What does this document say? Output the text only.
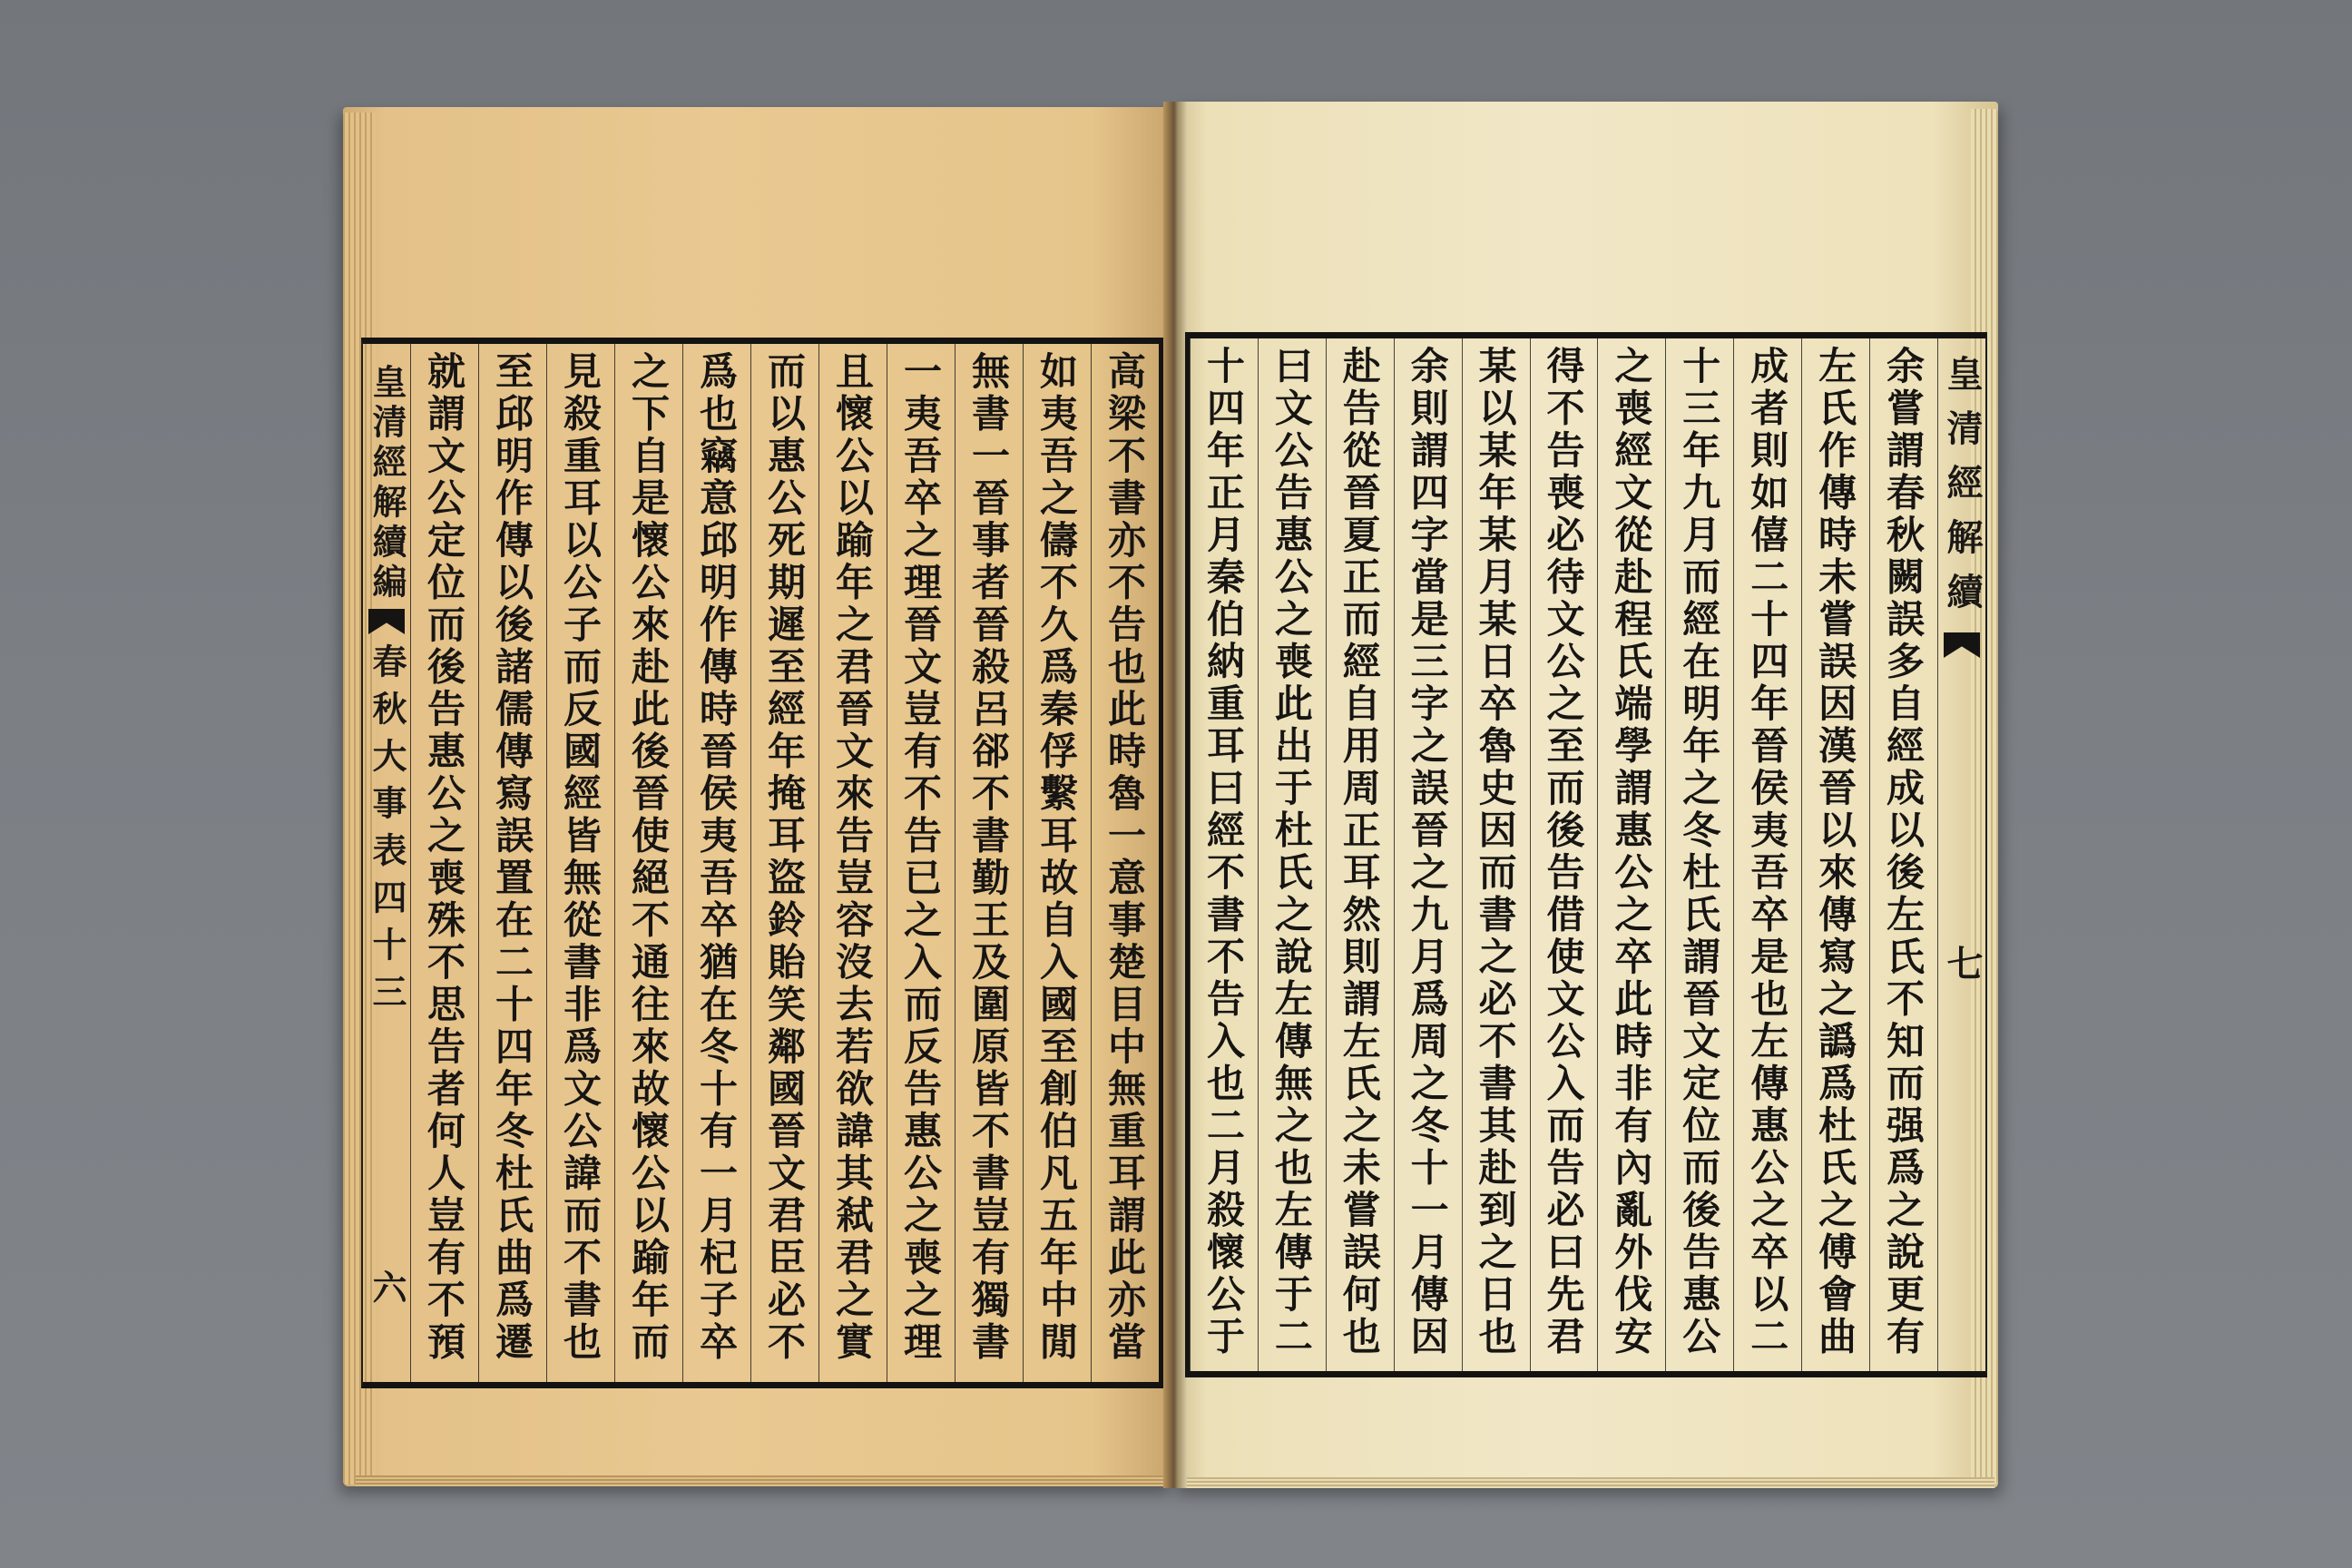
皇清經解續
七
余嘗謂春秋闕誤多自經成以後左氏不知而强爲之說更有
左氏作傳時未嘗誤因漢晉以來傳寫之譌爲杜氏之傅會曲
成者則如僖二十四年晉侯夷吾卒是也左傳惠公之卒以二
十三年九月而經在明年之冬杜氏謂晉文定位而後告惠公
之喪經文從赴程氏端學謂惠公之卒此時非有內亂外伐安
得不告喪必待文公之至而後告借使文公入而告必曰先君
某以某年某月某日卒魯史因而書之必不書其赴到之日也
余則謂四字當是三字之誤晉之九月爲周之冬十一月傳因
赴告從晉夏正而經自用周正耳然則謂左氏之未嘗誤何也
曰文公告惠公之喪此出于杜氏之說左傳無之也左傳于二
十四年正月秦伯納重耳曰經不書不告入也二月殺懷公于
高梁不書亦不告也此時魯一意事楚目中無重耳謂此亦當
如夷吾之儔不久爲秦俘繫耳故自入國至創伯凡五年中閒
無書一晉事者晉殺呂郤不書勤王及圍原皆不書豈有獨書
一夷吾卒之理晉文豈有不告已之入而反告惠公之喪之理
且懷公以踰年之君晉文來告豈容沒去若欲諱其弒君之實
而以惠公死期遲至經年掩耳盜鈴貽笑鄰國晉文君臣必不
爲也竊意邱明作傳時晉侯夷吾卒猶在冬十有一月杞子卒
之下自是懷公來赴此後晉使絕不通往來故懷公以踰年而
見殺重耳以公子而反國經皆無從書非爲文公諱而不書也
至邱明作傳以後諸儒傳寫誤置在二十四年冬杜氏曲爲遷
就謂文公定位而後告惠公之喪殊不思告者何人豈有不預
皇清經解續編
春秋大事表四十三
六
